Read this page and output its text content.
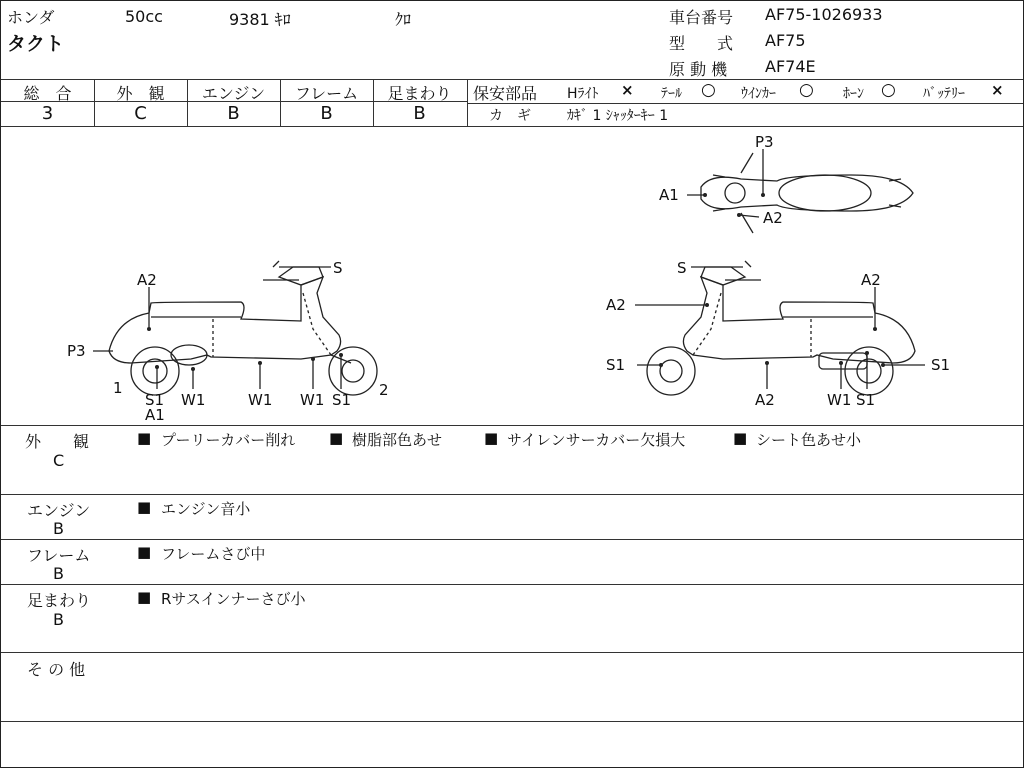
ホンダ	50cc	9381 ｷﾛ	ｸﾛ
タクト
車台番号 AF75-1026933
型　　式 AF75
原 動 機 AF74E
総　合	外　観	エンジン	フレーム	足まわり
3	C	B	B	B
保安部品 Hﾗｲﾄ × ﾃｰﾙ ○ ｳｲﾝｶｰ ○ ﾎｰﾝ ○ ﾊﾞｯﾃﾘｰ ×
カ　ギ	ｶｷﾞ 1 ｼｬｯﾀｰｷｰ 1
S
A2
P3
1
S1
A1
W1	W1 W1 S1
2
S
A2
A2
S1	S1
A2	W1 S1
P3
A1
A2
外　　観
C
■ プーリーカバー削れ ■ 樹脂部色あせ	■ サイレンサーカバー欠損大	■ シート色あせ小
エンジン
B
■ エンジン音小
フレーム
B
■ フレームさび中
足まわり
B
■ Rサスインナーさび小
そ の 他
